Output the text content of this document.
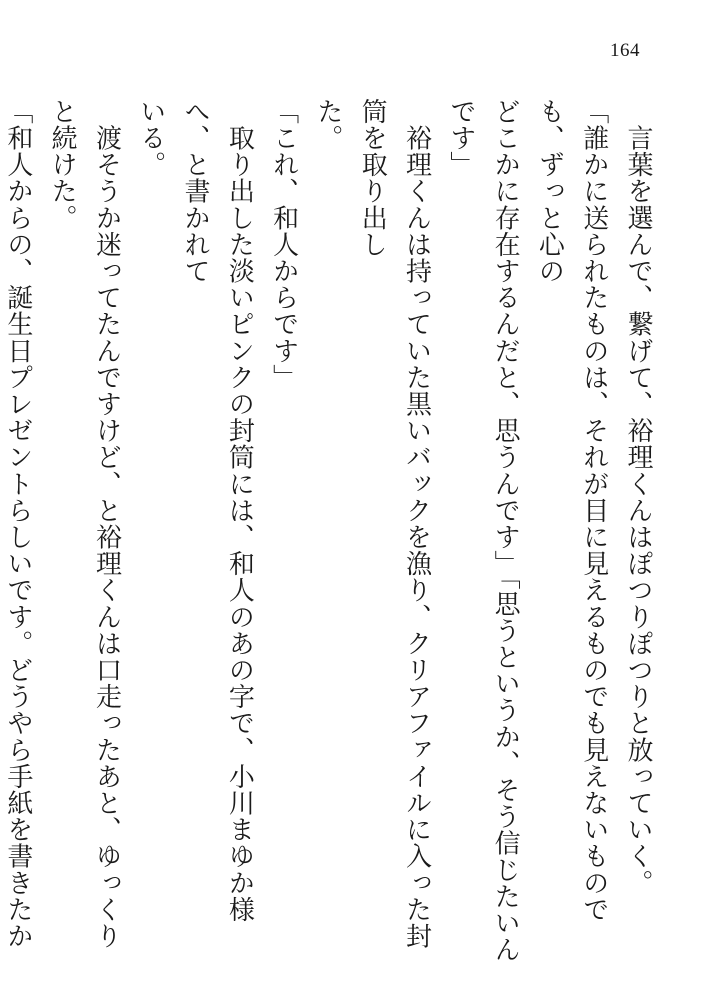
164

　言葉を選んで、繋げて、裕理くんはぽつりぽつりと放っていく。

「誰かに送られたものは、それが目に見えるものでも見えないものでも、ずっと心の

どこかに存在するんだと、思うんです」「思うというか、そう信じたいんです」

　裕理くんは持っていた黒いバックを漁り、クリアファイルに入った封筒を取り出し

た。

「これ、和人からです」

　取り出した淡いピンクの封筒には、和人のあの字で、小川まゆか様へ、と書かれて

いる。

　渡そうか迷ってたんですけど、と裕理くんは口走ったあと、ゆっくりと続けた。

「和人からの、誕生日プレゼントらしいです。どうやら手紙を書きたか
